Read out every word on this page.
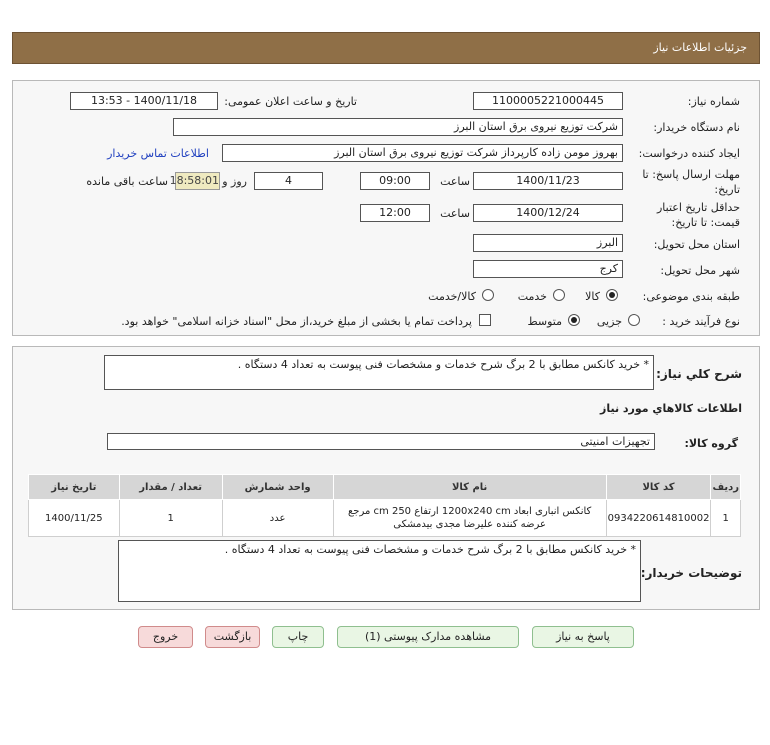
جزئیات اطلاعات نیاز
شماره نیاز:
1100005221000445
تاریخ و ساعت اعلان عمومی:
1400/11/18 - 13:53
نام دستگاه خریدار:
شرکت توزیع نیروی برق استان البرز
ایجاد کننده درخواست:
بهروز مومن زاده کارپرداز شرکت توزیع نیروی برق استان البرز
اطلاعات تماس خریدار
مهلت ارسال پاسخ: تا
تاریخ:
1400/11/23
ساعت
09:00
4
روز و
18:58:01
ساعت باقی مانده
حداقل تاریخ اعتبار
قیمت: تا تاریخ:
1400/12/24
ساعت
12:00
استان محل تحویل:
البرز
شهر محل تحویل:
کرج
طبقه بندی موضوعی:
کالا
خدمت
کالا/خدمت
نوع فرآیند خرید :
جزیی
متوسط
پرداخت تمام یا بخشی از مبلغ خرید،از محل "اسناد خزانه اسلامی" خواهد بود.
شرح کلي نياز:
* خرید کانکس مطابق با 2 برگ شرح خدمات و مشخصات فنی پیوست به تعداد 4 دستگاه .
اطلاعات کالاهاي مورد نياز
گروه کالا:
تجهیزات امنیتی
ردیف	کد کالا	نام کالا	واحد شمارش	تعداد / مقدار	تاریخ نیاز
1	0934220614810002	کانکس انباری ابعاد 1200x240 cm ارتفاع 250 cm مرجع عرضه کننده علیرضا مجدی بیدمشکی	عدد	1	1400/11/25
توضیحات خریدار:
* خرید کانکس مطابق با 2 برگ شرح خدمات و مشخصات فنی پیوست به تعداد 4 دستگاه .
پاسخ به نیاز
مشاهده مدارک پیوستی (1)
چاپ
بازگشت
خروج
